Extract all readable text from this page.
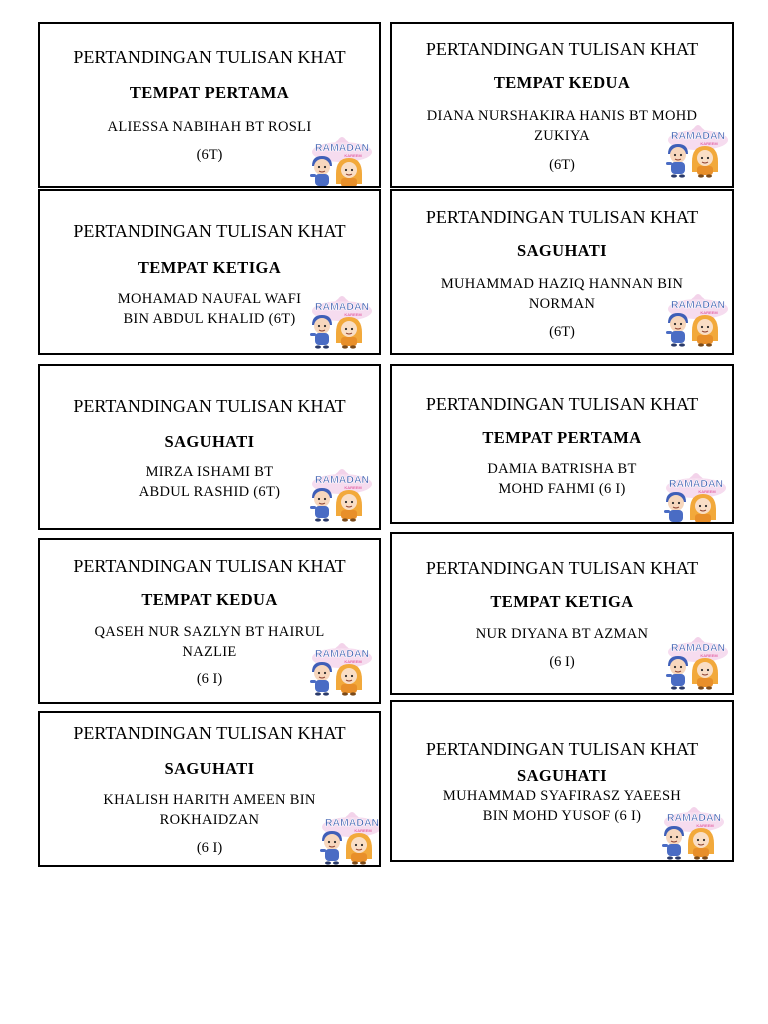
PERTANDINGAN TULISAN KHAT
TEMPAT PERTAMA
ALIESSA NABIHAH BT ROSLI
(6T)	RAMADAN
KAREEM
PERTANDINGAN TULISAN KHAT
TEMPAT KEDUA
DIANA NURSHAKIRA HANIS BT MOHD
ZUKIYA
(6T)
RAMADAN
KAREEM
PERTANDINGAN TULISAN KHAT
TEMPAT KETIGA
MOHAMAD NAUFAL WAFI
BIN ABDUL KHALID (6T)
RAMADAN
KAREEM
PERTANDINGAN TULISAN KHAT
SAGUHATI
MUHAMMAD HAZIQ HANNAN BIN
NORMAN
(6T)
RAMADAN
KAREEM
PERTANDINGAN TULISAN KHAT
SAGUHATI
MIRZA ISHAMI BT
ABDUL RASHID (6T)
RAMADAN
KAREEM
PERTANDINGAN TULISAN KHAT
TEMPAT PERTAMA
DAMIA BATRISHA BT
MOHD FAHMI (6 I)	RAMADAN
KAREEM
PERTANDINGAN TULISAN KHAT
TEMPAT KEDUA
QASEH NUR SAZLYN BT HAIRUL
NAZLIE
(6 I)
RAMADAN
KAREEM
PERTANDINGAN TULISAN KHAT
TEMPAT KETIGA
NUR DIYANA BT AZMAN
(6 I)
RAMADAN
KAREEM
PERTANDINGAN TULISAN KHAT
SAGUHATI
KHALISH HARITH AMEEN BIN
ROKHAIDZAN
(6 I)
RAMADAN
KAREEM
PERTANDINGAN TULISAN KHAT
SAGUHATI
MUHAMMAD SYAFIRASZ YAEESH
BIN MOHD YUSOF (6 I)	RAMADAN
KAREEM
